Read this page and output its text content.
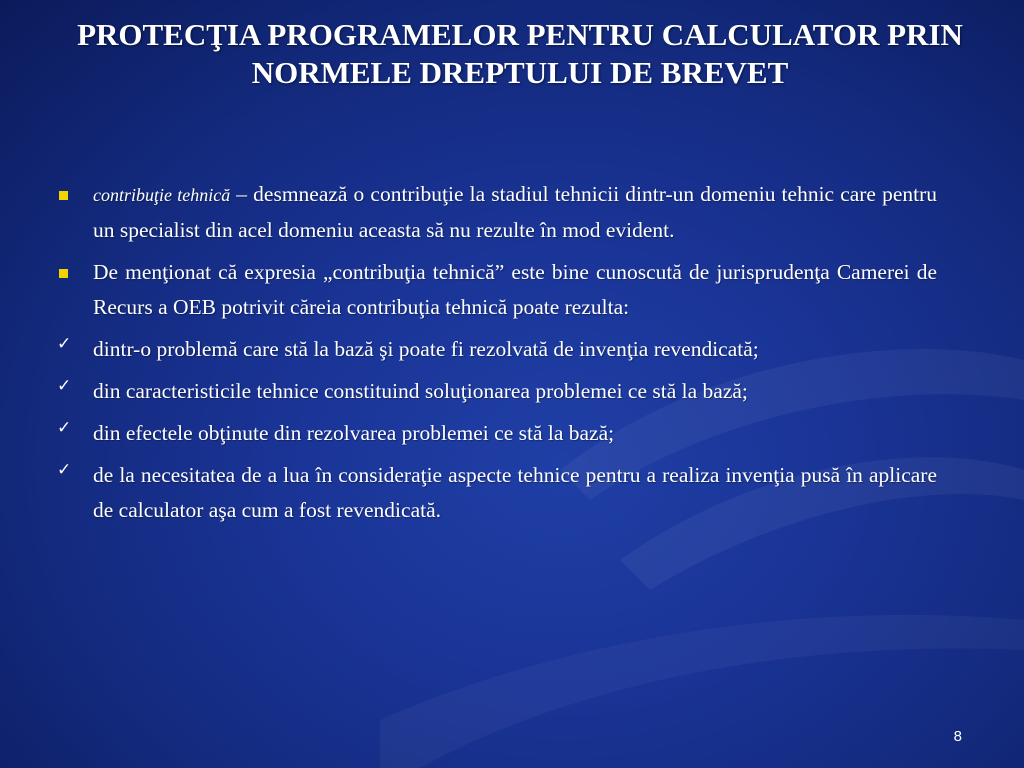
PROTECŢIA PROGRAMELOR PENTRU CALCULATOR PRIN NORMELE DREPTULUI DE BREVET
contribuţie tehnică – desmnează o contribuţie la stadiul tehnicii dintr-un domeniu tehnic care pentru un specialist din acel domeniu aceasta să nu rezulte în mod evident.
De menţionat că expresia „contribuţia tehnică” este bine cunoscută de jurisprudenţa Camerei de Recurs a OEB potrivit căreia contribuţia tehnică poate rezulta:
✓ dintr-o problemă care stă la bază şi poate fi rezolvată de invenţia revendicată;
✓ din caracteristicile tehnice constituind soluţionarea problemei ce stă la bază;
✓ din efectele obţinute din rezolvarea problemei ce stă la bază;
✓ de la necesitatea de a lua în consideraţie aspecte tehnice pentru a realiza invenţia pusă în aplicare de calculator aşa cum a fost revendicată.
8
